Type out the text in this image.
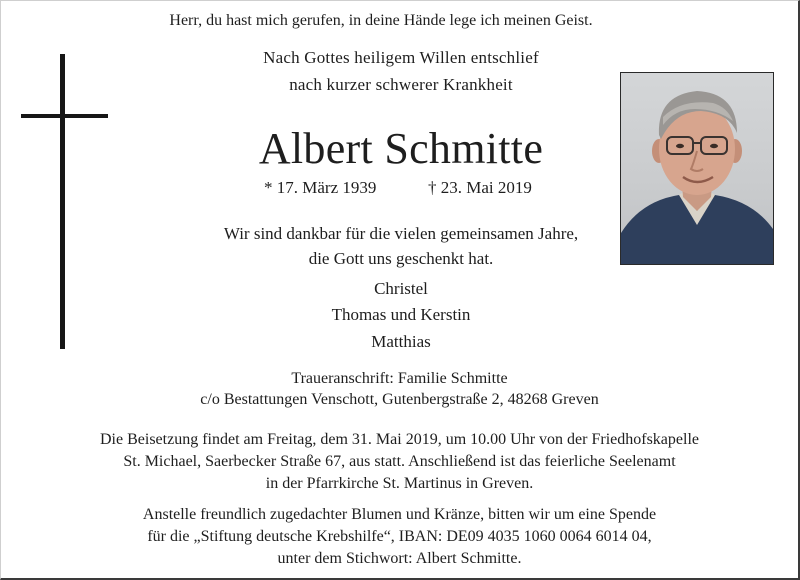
Herr, du hast mich gerufen, in deine Hände lege ich meinen Geist.
Nach Gottes heiligem Willen entschlief
nach kurzer schwerer Krankheit
Albert Schmitte
* 17. März 1939	† 23. Mai 2019
Wir sind dankbar für die vielen gemeinsamen Jahre,
die Gott uns geschenkt hat.
Christel
Thomas und Kerstin
Matthias
Traueranschrift: Familie Schmitte
c/o Bestattungen Venschott, Gutenbergstraße 2, 48268 Greven
Die Beisetzung findet am Freitag, dem 31. Mai 2019, um 10.00 Uhr von der Friedhofskapelle
St. Michael, Saerbecker Straße 67, aus statt. Anschließend ist das feierliche Seelenamt
in der Pfarrkirche St. Martinus in Greven.
Anstelle freundlich zugedachter Blumen und Kränze, bitten wir um eine Spende
für die „Stiftung deutsche Krebshilfe“, IBAN: DE09 4035 1060 0064 6014 04,
unter dem Stichwort: Albert Schmitte.
